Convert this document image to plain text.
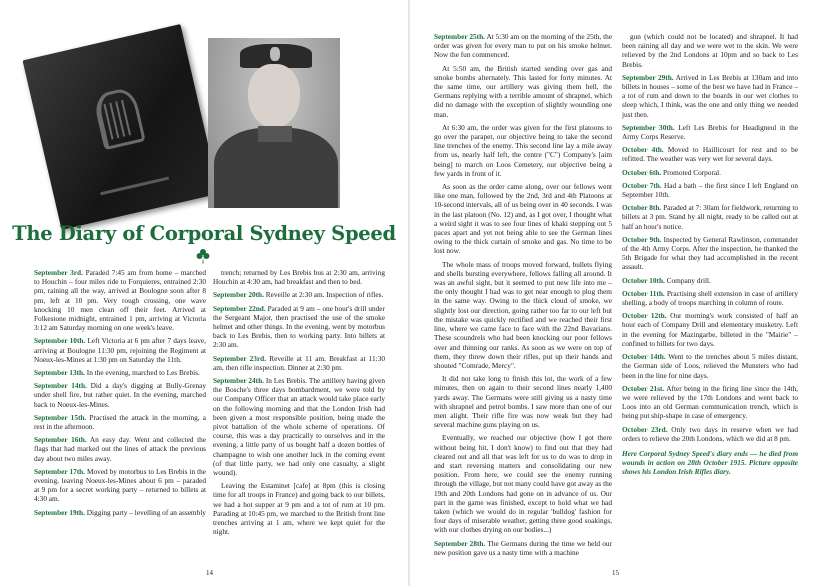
The Diary of Corporal Sydney Speed

September 3rd. Paraded 7:45 am from home – marched to Houchin – four miles ride to Forquieres, entrained 2:30 pm, raining all the way, arrived at Boulogne soon after 8 pm, left at 10 pm. Very rough crossing, one wave knocking 10 men clean off their feet. Arrived at Folkestone midnight, entrained 1 pm, arriving at Victoria 3:12 am Saturday morning on one week's leave.

September 10th. Left Victoria at 6 pm after 7 days leave, arriving at Boulogne 11:30 pm, rejoining the Regiment at Noeux-les-Mines at 1:30 pm on Saturday the 11th.

September 13th. In the evening, marched to Les Brebis.

September 14th. Did a day's digging at Bully-Grenay under shell fire, but rather quiet. In the evening, marched back to Noeux-les-Mines.

September 15th. Practised the attack in the morning, a rest in the afternoon.

September 16th. An easy day. Went and collected the flags that had marked out the lines of attack the previous day about two miles away.

September 17th. Moved by motorbus to Les Brebis in the evening, leaving Noeux-les-Mines about 6 pm – paraded at 9 pm for a secret working party – returned to billets at 4:30 am.

September 19th. Digging party – levelling of an assembly

trench; returned by Les Brebis bus at 2:30 am, arriving Houchin at 4:30 am, had breakfast and then to bed.

September 20th. Reveille at 2:30 am. Inspection of rifles.

September 22nd. Paraded at 9 am – one hour's drill under the Sergeant Major, then practised the use of the smoke helmet and other things. In the evening, went by motorbus back to Les Brebis, then to working party. Into billets at 2:30 am.

September 23rd. Reveille at 11 am. Breakfast at 11:30 am, then rifle inspection. Dinner at 2:30 pm.

September 24th. In Les Brebis. The artillery having given the Bosche's three days bombardment, we were told by our Company Officer that an attack would take place early on the following morning and that the London Irish had been given a most responsible position, being made the pivot battalion of the whole scheme of operations. Of course, this was a day practically to ourselves and in the evening, a little party of us bought half a dozen bottles of champagne to wish one another luck in the coming event (of that little party, we had only one casualty, a slight wound).

Leaving the Estaminet [cafe] at 8pm (this is closing time for all troops in France) and going back to our billets, we had a hot supper at 9 pm and a tot of rum at 10 pm. Parading at 10:45 pm, we marched to the British front line trenches arriving at 1 am, where we kept quiet for the night.

14

September 25th. At 5:30 am on the morning of the 25th, the order was given for every man to put on his smoke helmet. Now the fun commenced.

At 5:50 am, the British started sending over gas and smoke bombs alternately. This lasted for forty minutes. At the same time, our artillery was giving them hell, the Germans replying with a terrible amount of shrapnel, which did no damage with the exception of slightly wounding one man.

At 6:30 am, the order was given for the first platoons to go over the parapet, our objective being to take the second line trenches of the enemy. This second line lay a mile away from us, nearly half left, the centre ("C") Company's [aim being] to march on Loos Cemetery, our objective being a few yards in front of it.

As soon as the order came along, over our fellows went like one man, followed by the 2nd, 3rd and 4th Platoons at 10-second intervals, all of us being over in 40 seconds. I was in the last platoon (No. 12) and, as I got over, I thought what a weird sight it was to see four lines of khaki stepping out 5 paces apart and yet not being able to see the German lines owing to the thick curtain of smoke and gas. No time to be lost now.

The whole mass of troops moved forward, bullets flying and shells bursting everywhere, fellows falling all around. It was an awful sight, but it seemed to put new life into me – the only thought I had was to get near enough to plug them in the same way. Owing to the thick cloud of smoke, we slightly lost our direction, going rather too far to our left but the mistake was quickly rectified and we reached their first line, where we came face to face with the 22nd Bavarians. These scoundrels who had been knocking our poor fellows over and thinning our ranks. As soon as we were on top of them, they threw down their rifles, put up their hands and shouted "Comrade, Mercy".

It did not take long to finish this lot, the work of a few minutes, then on again to their second lines nearly 1,400 yards away. The Germans were still giving us a nasty time with shrapnel and petrol bombs. I saw more than one of our men alight. Their rifle fire was now weak but they had several machine guns playing on us.

Eventually, we reached our objective (how I got there without being hit, I don't know) to find out that they had cleared out and all that was left for us to do was to drop in and start reversing matters and consolidating our new position. From here, we could see the enemy running through the village, but not many could have got away as the 19th and 20th Londons had gone on in advance of us. Our part in the game was finished, except to hold what we had taken (which we would do in regular 'bulldog' fashion for four days of miserable weather, getting three good soakings, with our clothes drying on our bodies...)

September 28th. The Germans during the time we held our new position gave us a nasty time with a machine

gun (which could not be located) and shrapnel. It had been raining all day and we were wet to the skin. We were relieved by the 2nd Londons at 10pm and so back to Les Brebis.

September 29th. Arrived in Les Brebis at 130am and into billets in houses – some of the best we have had in France – a tot of rum and down to the boards in our wet clothes to sleep which, I think, was the one and only thing we needed just then.

September 30th. Left Les Brebis for Headigneul in the Army Corps Reserve.

October 4th. Moved to Haillicourt for rest and to be refitted. The weather was very wet for several days.

October 6th. Promoted Corporal.

October 7th. Had a bath – the first since I left England on September 10th.

October 8th. Paraded at 7: 30am for fieldwork, returning to billets at 3 pm. Stand by all night, ready to be called out at half an hour's notice.

October 9th. Inspected by General Rawlinson, commander of the 4th Army Corps. After the inspection, he thanked the 5th Brigade for what they had accomplished in the recent assault.

October 10th. Company drill.

October 11th. Practising shell extension in case of artillery shelling, a body of troops marching in column of route.

October 12th. Our morning's work consisted of half an hour each of Company Drill and elementary musketry. Left in the evening for Mazingarbe, billeted in the "Mairie" – confined to billets for two days.

October 14th. Went to the trenches about 5 miles distant, the German side of Loos, relieved the Munsters who had been in the line for nine days.

October 21st. After being in the firing line since the 14th, we were relieved by the 17th Londons and went back to Loos into an old German communication trench, which is being put ship-shape in case of emergency.

October 23rd. Only two days in reserve when we had orders to relieve the 20th Londons, which we did at 8 pm.

Here Corporal Sydney Speed's diary ends — he died from wounds in action on 28th October 1915. Picture opposite shows his London Irish Rifles diary.

15
